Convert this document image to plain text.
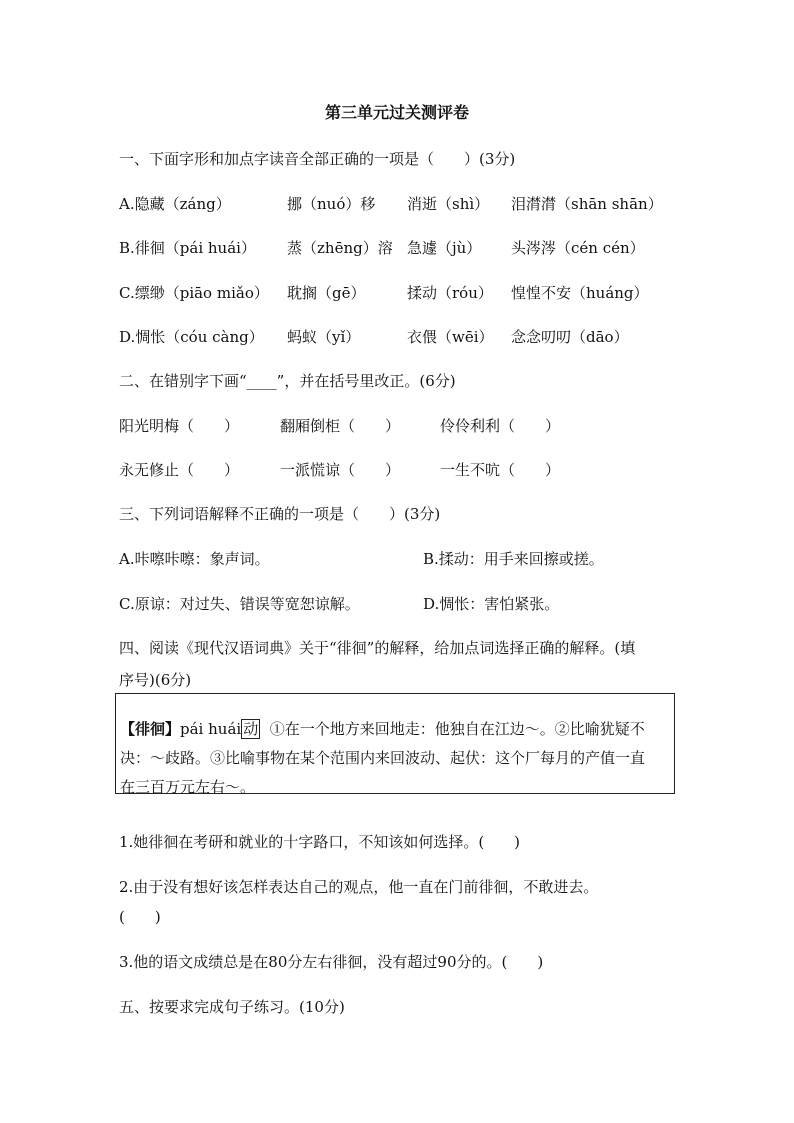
第三单元过关测评卷
一、下面字形和加点字读音全部正确的一项是（　　）(3分)
A.隐藏（záng）	挪（nuó）移 消逝（shì） 泪潸潸（shān shān）
B.徘徊（pái huái） 蒸（zhēng）溶 急遽（jù） 头涔涔（cén cén）
C.缥缈（piāo miǎo） 耽搁（gē）	揉动（róu） 惶惶不安（huáng）
D.惆怅（cóu càng） 蚂蚁（yǐ）	衣偎（wēi） 念念叨叨（dāo）
二、在错别字下画“____”，并在括号里改正。(6分)
阳光明梅（　　）	翻厢倒柜（　　）	伶伶利利（　　）
永无修止（　　）	一派慌谅（　　）	一生不吭（　　）
三、下列词语解释不正确的一项是（　　）(3分)
A.咔嚓咔嚓：象声词。	B.揉动：用手来回擦或搓。
C.原谅：对过失、错误等宽恕谅解。	D.惆怅：害怕紧张。
四、阅读《现代汉语词典》关于“徘徊”的解释，给加点词选择正确的解释。(填
序号)(6分)
【徘徊】pái huái 动 ①在一个地方来回地走：他独自在江边～。②比喻犹疑不
决：～歧路。③比喻事物在某个范围内来回波动、起伏：这个厂每月的产值一直
在三百万元左右～。
1.她徘徊在考研和就业的十字路口，不知该如何选择。(　　)
2.由于没有想好该怎样表达自己的观点，他一直在门前徘徊，不敢进去。
(　　)
3.他的语文成绩总是在80分左右徘徊，没有超过90分的。(　　)
五、按要求完成句子练习。(10分)
